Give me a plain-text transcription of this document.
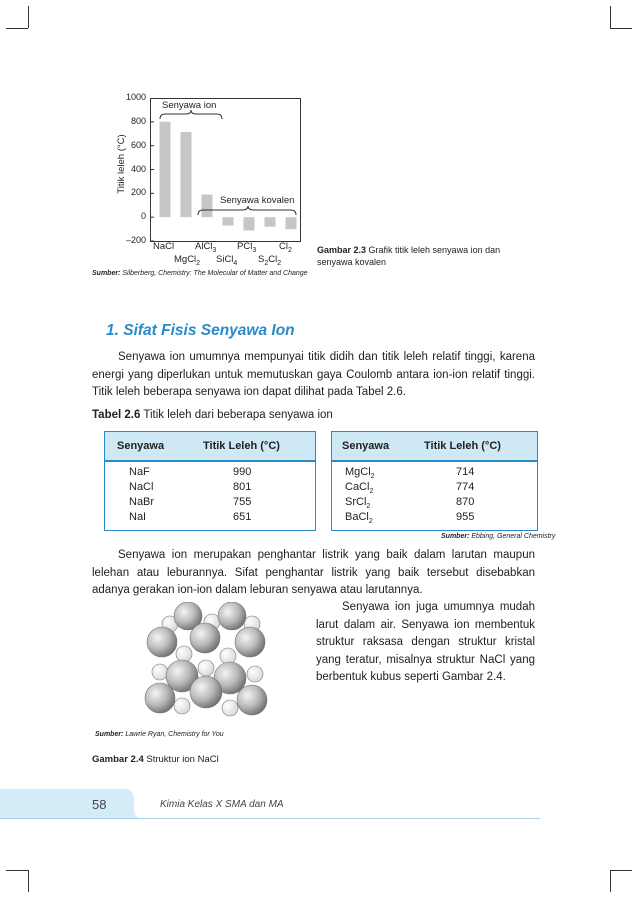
Titik leleh (°C)
1000
800
600
400
200
0
–200
Senyawa ion
Senyawa kovalen
NaCl
MgCl$_2$
AlCl$_3$
SiCl$_4$
PCl$_3$
$S_2Cl_2$
$Cl_2$	Gambar 2.3 Grafik titik leleh senyawa ion dan senyawa kovalen
Sumber: Silberberg, Chemistry: The Molecular of Matter and Change
1. Sifat Fisis Senyawa Ion

Senyawa ion umumnya mempunyai titik didih dan titik leleh relatif tinggi, karena energi yang diperlukan untuk memutuskan gaya Coulomb antara ion-ion relatif tinggi. Titik leleh beberapa senyawa ion dapat dilihat pada Tabel 2.6.

Tabel 2.6 Titik leleh dari beberapa senyawa ion
Senyawa	Titik Leleh (°C)
NaF	990
NaCl	801
NaBr	755
NaI	651
Senyawa	Titik Leleh (°C)
MgCl$_2$	714
CaCl$_2$	774
SrCl$_2$	870
BaCl$_2$	955
Sumber: Ebbing, General Chemistry

Senyawa ion merupakan penghantar listrik yang baik dalam larutan maupun lelehan atau leburannya. Sifat penghantar listrik yang baik tersebut disebabkan adanya gerakan ion-ion dalam leburan senyawa atau larutannya.

Senyawa ion juga umumnya mudah larut dalam air. Senyawa ion membentuk struktur raksasa dengan struktur kristal yang teratur, misalnya struktur NaCl yang berbentuk kubus seperti Gambar 2.4.

Sumber: Lawrie Ryan, Chemistry for You
Gambar 2.4 Struktur ion NaCl
58	Kimia Kelas X SMA dan MA
